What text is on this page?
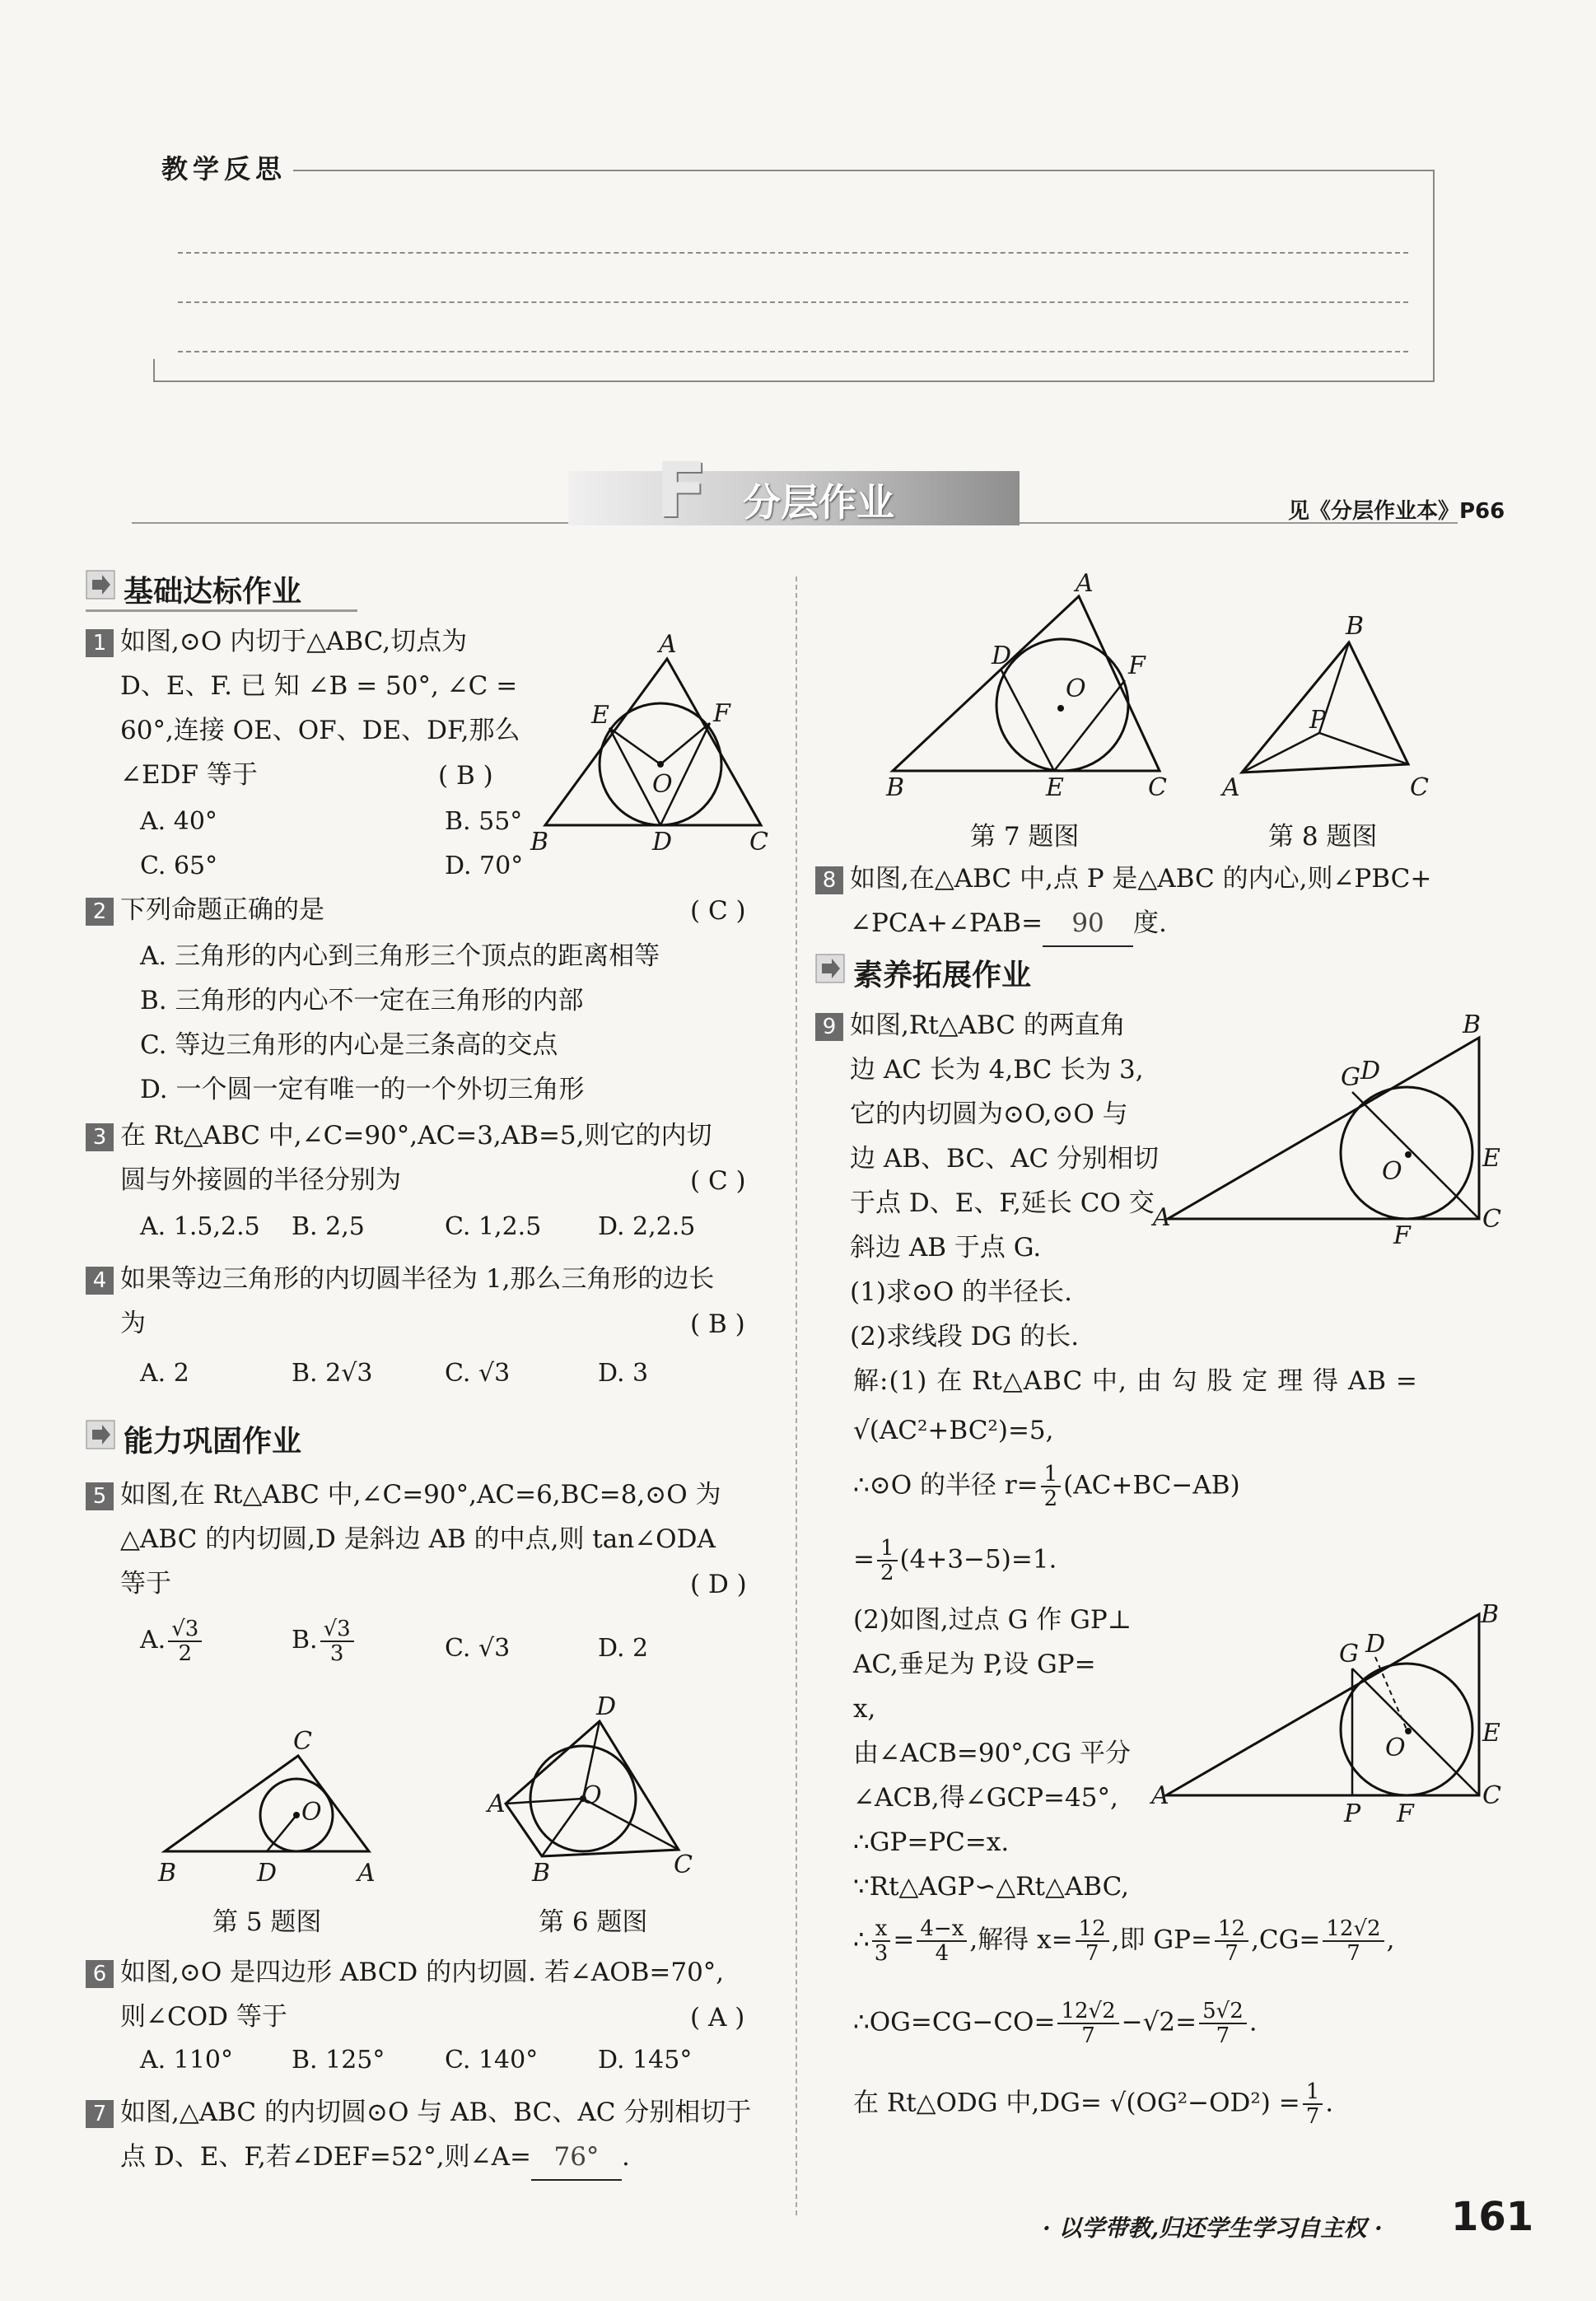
教学反思
F 分层作业	见《分层作业本》P66
基础达标作业
1 如图,⊙O 内切于△ABC,切点为
D、E、F. 已 知 ∠B = 50°, ∠C =
60°,连接 OE、OF、DE、DF,那么
∠EDF 等于	( B )
A. 40°	B. 55°
C. 65°	D. 70°
A
E	F
O
B	D	C
2 下列命题正确的是	( C )
A. 三角形的内心到三角形三个顶点的距离相等
B. 三角形的内心不一定在三角形的内部
C. 等边三角形的内心是三条高的交点
D. 一个圆一定有唯一的一个外切三角形
3 在 Rt△ABC 中,∠C=90°,AC=3,AB=5,则它的内切
圆与外接圆的半径分别为	( C )
A. 1.5,2.5 B. 2,5	C. 1,2.5 D. 2,2.5
4 如果等边三角形的内切圆半径为 1,那么三角形的边长
为	( B )
A. 2	B. 2√3	C. √3	D. 3
能力巩固作业
5 如图,在 Rt△ABC 中,∠C=90°,AC=6,BC=8,⊙O 为
△ABC 的内切圆,D 是斜边 AB 的中点,则 tan∠ODA
等于	( D )
A. $\frac{√3}{2}$	B. $\frac{√3}{3}$	C. √3	D. 2
C
O
B	D	A
第 5 题图
D
A	O
B	C
第 6 题图
6 如图,⊙O 是四边形 ABCD 的内切圆. 若∠AOB=70°,
则∠COD 等于	( A )
A. 110° B. 125° C. 140° D. 145°
7 如图,△ABC 的内切圆⊙O 与 AB、BC、AC 分别相切于
点 D、E、F,若∠DEF=52°,则∠A= 76° .
A
D	F
O
B	E	C
第 7 题图
B
P
A	C
第 8 题图
8 如图,在△ABC 中,点 P 是△ABC 的内心,则∠PBC+
∠PCA+∠PAB= 90 度.
素养拓展作业
9 如图,Rt△ABC 的两直角
边 AC 长为 4,BC 长为 3,
它的内切圆为⊙O,⊙O 与
边 AB、BC、AC 分别相切
于点 D、E、F,延长 CO 交
斜边 AB 于点 G.
B
G D
O	E
A
F
C
(1)求⊙O 的半径长.
(2)求线段 DG 的长.
解:(1) 在 Rt△ABC 中, 由 勾 股 定 理 得 AB =
√(AC²+BC²)=5,
∴⊙O 的半径 $r= \frac{1}{2} (AC+BC-AB)$
= $\frac{1}{2} (4+3-5)=1$.
(2)如图,过点 G 作 GP⊥
AC,垂足为 P,设 GP=
x,
由∠ACB=90°,CG 平分
∠ACB,得∠GCP=45°,
∴GP=PC=x.
∵Rt△AGP∽△Rt△ABC,
B
G D
O
E
A
P F
C
∴ $\frac{x}{3} = \frac{4-x}{4}$ ,解得 $x= \frac{12}{7}$ ,即 $GP= \frac{12}{7} ,CG= \frac{12√2}{7}$ ,
∴OG=CG−CO= $\frac{12√2}{7} -√2= \frac{5√2}{7}$ .
在 Rt△ODG 中$,DG= √(OG^2-OD^2) = \frac{1}{7}$ .
· 以学带教,归还学生学习自主权 · 161
